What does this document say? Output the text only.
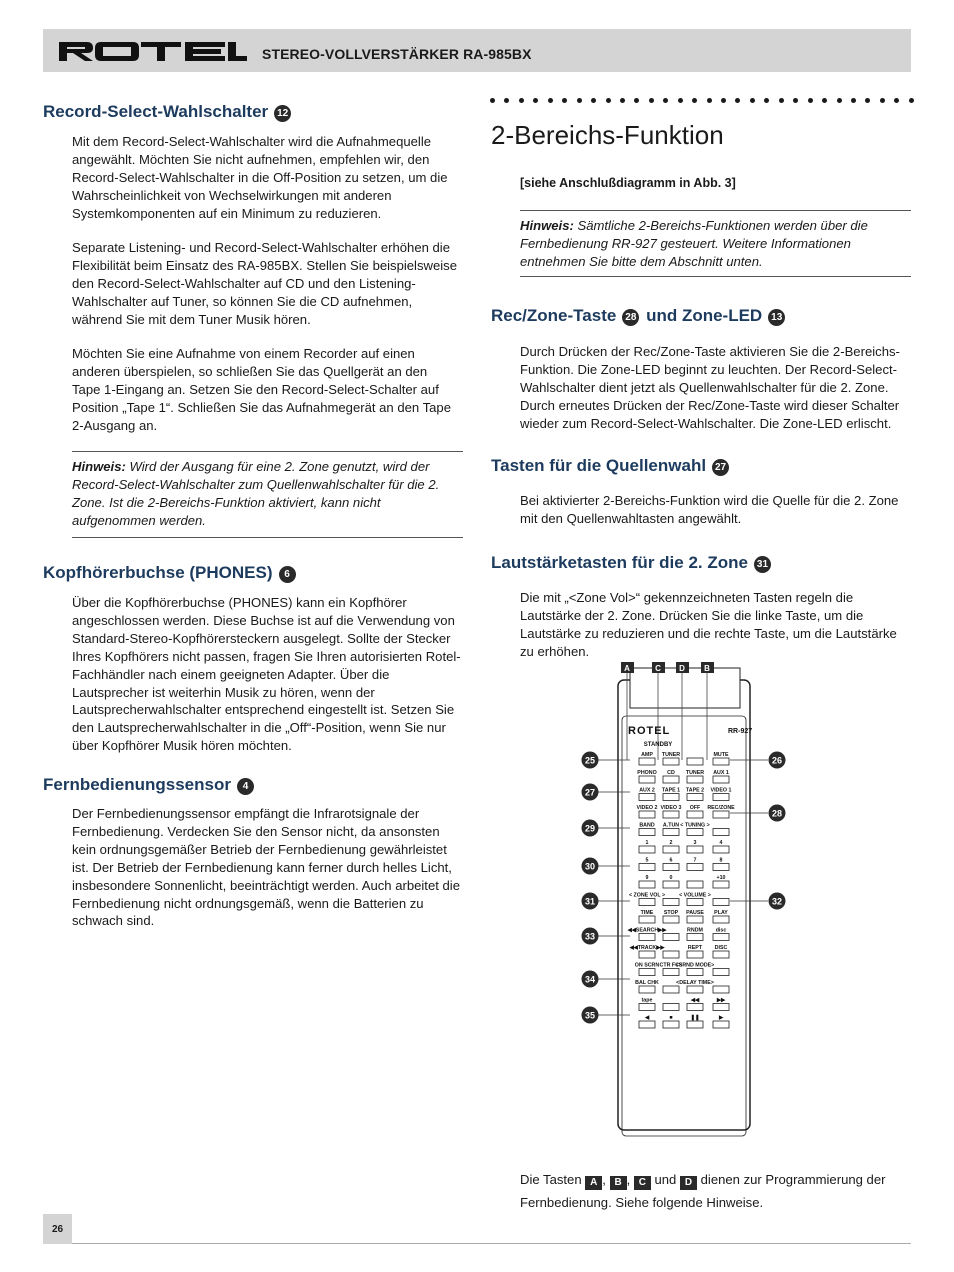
STEREO-VOLLVERSTÄRKER RA-985BX
Record-Select-Wahlschalter 12

Mit dem Record-Select-Wahlschalter wird die Aufnahmequelle angewählt. Möchten Sie nicht aufnehmen, empfehlen wir, den Record-Select-Wahlschalter in die Off-Position zu setzen, um die Wahrscheinlichkeit von Wechselwirkungen mit anderen Systemkomponenten auf ein Minimum zu reduzieren.

Separate Listening- und Record-Select-Wahlschalter erhöhen die Flexibilität beim Einsatz des RA-985BX. Stellen Sie beispielsweise den Record-Select-Wahlschalter auf CD und den Listening-Wahlschalter auf Tuner, so können Sie die CD aufnehmen, während Sie mit dem Tuner Musik hören.

Möchten Sie eine Aufnahme von einem Recorder auf einen anderen überspielen, so schließen Sie das Quellgerät an den Tape 1-Eingang an. Setzen Sie den Record-Select-Schalter auf Position „Tape 1“. Schließen Sie das Aufnahmegerät an den Tape 2-Ausgang an.

Hinweis: Wird der Ausgang für eine 2. Zone genutzt, wird der Record-Select-Wahlschalter zum Quellenwahlschalter für die 2. Zone. Ist die 2-Bereichs-Funktion aktiviert, kann nicht aufgenommen werden.

Kopfhörerbuchse (PHONES) 6

Über die Kopfhörerbuchse (PHONES) kann ein Kopfhörer angeschlossen werden. Diese Buchse ist auf die Verwendung von Standard-Stereo-Kopfhörersteckern ausgelegt. Sollte der Stecker Ihres Kopfhörers nicht passen, fragen Sie Ihren autorisierten Rotel-Fachhändler nach einem geeigneten Adapter. Über die Lautsprecher ist weiterhin Musik zu hören, wenn der Lautsprecherwahlschalter entsprechend eingestellt ist. Setzen Sie den Lautsprecherwahlschalter in die „Off“-Position, wenn Sie nur über Kopfhörer Musik hören möchten.

Fernbedienungssensor 4

Der Fernbedienungssensor empfängt die Infrarotsignale der Fernbedienung. Verdecken Sie den Sensor nicht, da ansonsten kein ordnungsgemäßer Betrieb der Fernbedienung gewährleistet ist. Der Betrieb der Fernbedienung kann ferner durch helles Licht, insbesondere Sonnenlicht, beeinträchtigt werden. Auch arbeitet die Fernbedienung nicht ordnungsgemäß, wenn die Batterien zu schwach sind.

2-Bereichs-Funktion
[siehe Anschlußdiagramm in Abb. 3]

Hinweis: Sämtliche 2-Bereichs-Funktionen werden über die Fernbedienung RR-927 gesteuert. Weitere Informationen entnehmen Sie bitte dem Abschnitt unten.

Rec/Zone-Taste 28 und Zone-LED 13

Durch Drücken der Rec/Zone-Taste aktivieren Sie die 2-Bereichs-Funktion. Die Zone-LED beginnt zu leuchten. Der Record-Select-Wahlschalter dient jetzt als Quellenwahlschalter für die 2. Zone. Durch erneutes Drücken der Rec/Zone-Taste wird dieser Schalter wieder zum Record-Select-Wahlschalter. Die Zone-LED erlischt.

Tasten für die Quellenwahl 27

Bei aktivierter 2-Bereichs-Funktion wird die Quelle für die 2. Zone mit den Quellenwahltasten angewählt.

Lautstärketasten für die 2. Zone 31

Die mit „<Zone Vol>“ gekennzeichneten Tasten regeln die Lautstärke der 2. Zone. Drücken Sie die linke Taste, um die Lautstärke zu reduzieren und die rechte Taste, um die Lautstärke zu erhöhen.

A	C D B
ROTEL	RR-927
STANDBY
AMP TUNER	MUTE
PHONO CD TUNER AUX 1
AUX 2 TAPE 1 TAPE 2 VIDEO 1
VIDEO 2 VIDEO 3 OFF REC/ZONE
BAND A.TUN < TUNING >
1	2	3	4
5	6	7	8
9	0	+10
< ZONE VOL >	< VOLUME >
TIME STOP PAUSE PLAY
◀◀SEARCH▶▶	RNDM disc
◀◀TRACK▶▶	REPT DISC
ON SCRN CTR FCS
<SRND MODE>
BAL CHK	<DELAY TIME>
tape	◀◀	▶▶
◀	■	❚❚	▶
25
27
29
30
31
33
34
35
26
28
32
Die Tasten A , B , C und D dienen zur Programmierung der Fernbedienung. Siehe folgende Hinweise.
26
